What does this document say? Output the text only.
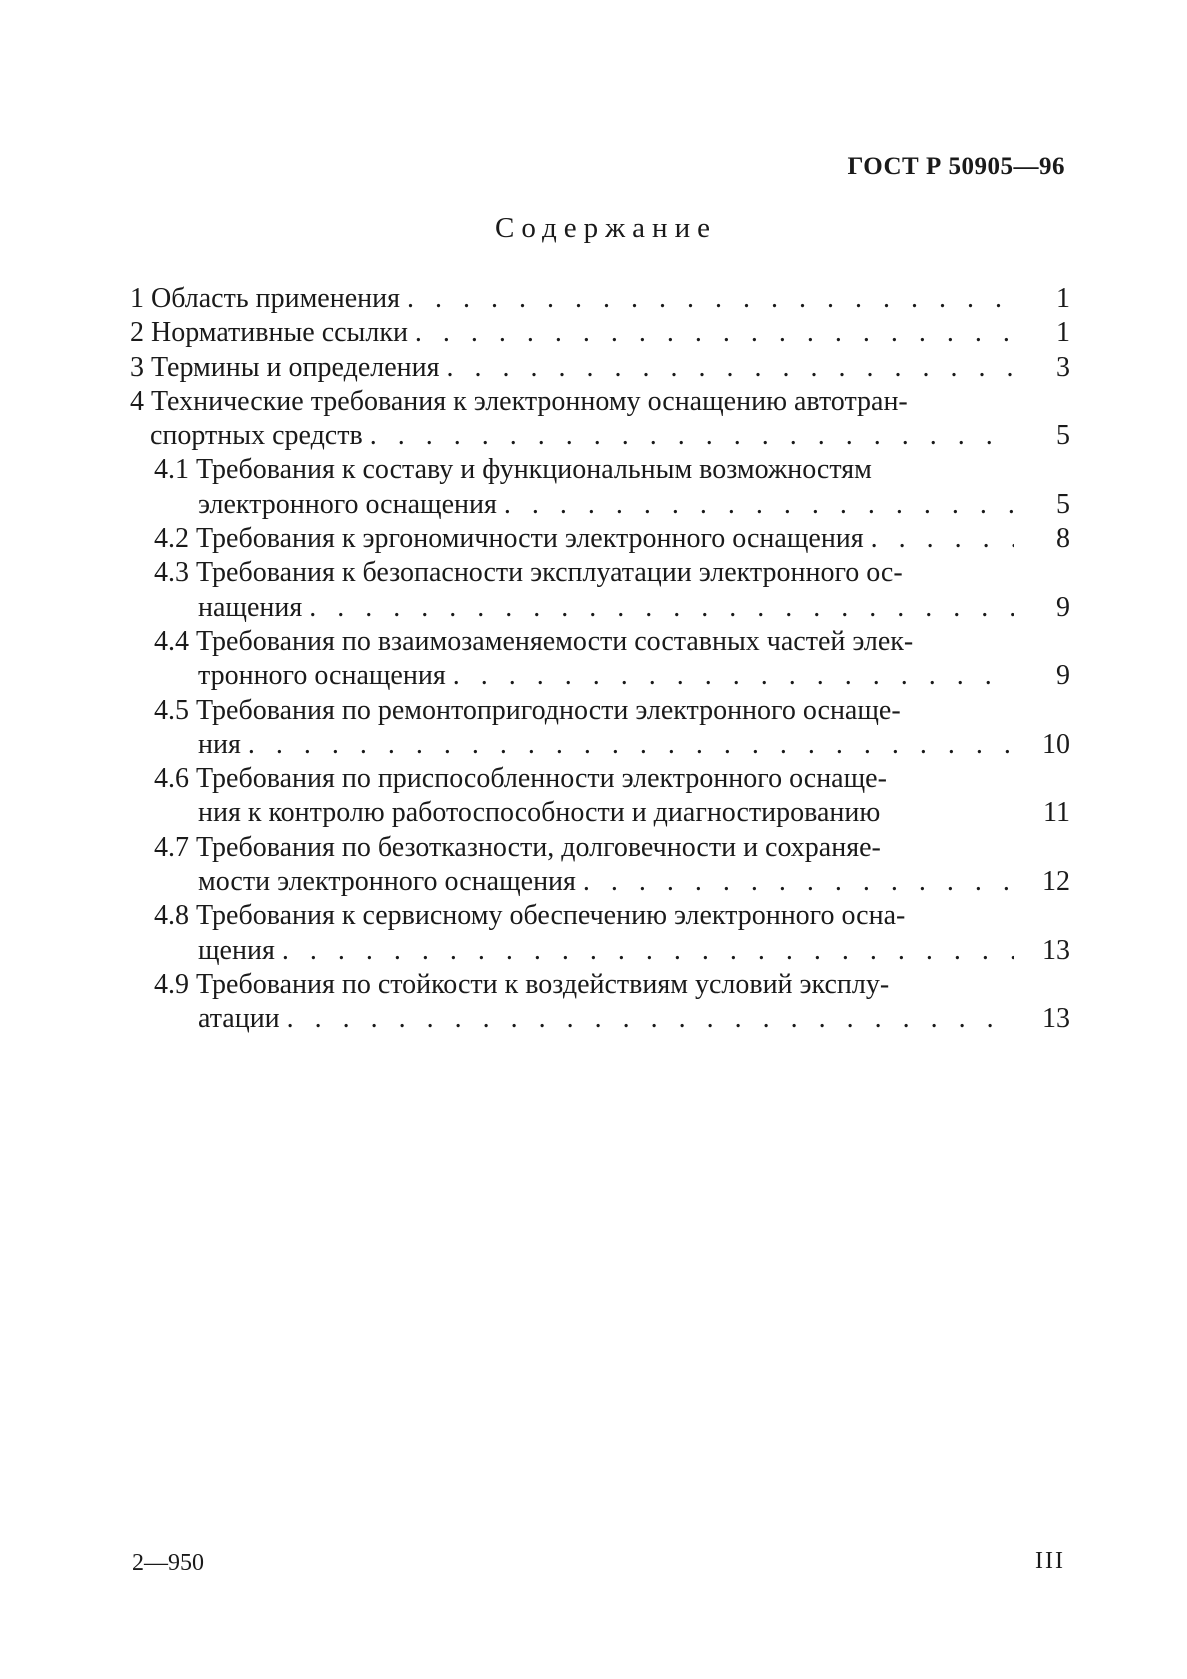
ГОСТ Р 50905—96
Содержание
1 Область применения .   .	1
2 Нормативные ссылки .   .	1
3 Термины и определения .   .	3
4 Технические требования к электронному оснащению автотран-
спортных средств .   .	5
4.1 Требования к составу и функциональным возможностям
электронного оснащения .   .	5
4.2 Требования к эргономичности электронного оснащения .   .	8
4.3 Требования к безопасности эксплуатации электронного ос-
нащения .   .	9
4.4 Требования по взаимозаменяемости составных частей элек-
тронного оснащения .   .	9
4.5 Требования по ремонтопригодности электронного оснаще-
ния .   .	10
4.6 Требования по приспособленности электронного оснаще-
ния к контролю работоспособности и диагностированию	11
4.7 Требования по безотказности, долговечности и сохраняе-
мости электронного оснащения .   .	12
4.8 Требования к сервисному обеспечению электронного осна-
щения .   .	13
4.9 Требования по стойкости к воздействиям условий эксплу-
атации .   .	13
2—950	III
